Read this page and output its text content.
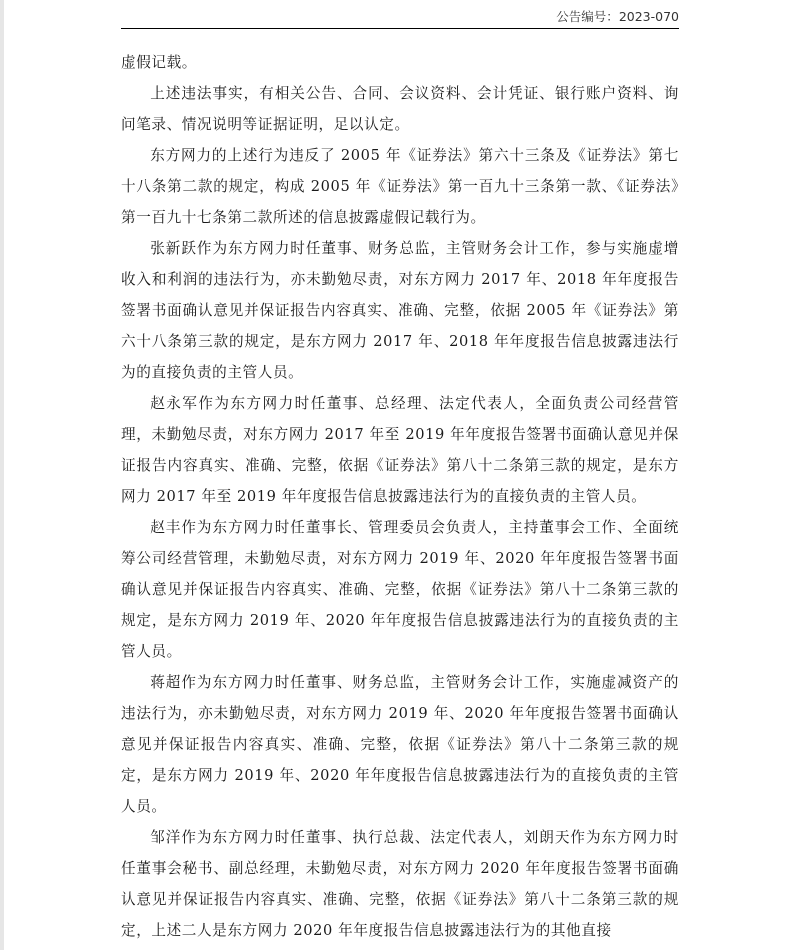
公告编号：2023-070

虚假记载。

上述违法事实，有相关公告、合同、会议资料、会计凭证、银行账户资料、询问笔录、情况说明等证据证明，足以认定。

东方网力的上述行为违反了 2005 年《证券法》第六十三条及《证券法》第七十八条第二款的规定，构成 2005 年《证券法》第一百九十三条第一款、《证券法》第一百九十七条第二款所述的信息披露虚假记载行为。

张新跃作为东方网力时任董事、财务总监，主管财务会计工作，参与实施虚增收入和利润的违法行为，亦未勤勉尽责，对东方网力 2017 年、2018 年年度报告签署书面确认意见并保证报告内容真实、准确、完整，依据 2005 年《证券法》第六十八条第三款的规定，是东方网力 2017 年、2018 年年度报告信息披露违法行为的直接负责的主管人员。

赵永军作为东方网力时任董事、总经理、法定代表人，全面负责公司经营管理，未勤勉尽责，对东方网力 2017 年至 2019 年年度报告签署书面确认意见并保证报告内容真实、准确、完整，依据《证券法》第八十二条第三款的规定，是东方网力 2017 年至 2019 年年度报告信息披露违法行为的直接负责的主管人员。

赵丰作为东方网力时任董事长、管理委员会负责人，主持董事会工作、全面统筹公司经营管理，未勤勉尽责，对东方网力 2019 年、2020 年年度报告签署书面确认意见并保证报告内容真实、准确、完整，依据《证券法》第八十二条第三款的规定，是东方网力 2019 年、2020 年年度报告信息披露违法行为的直接负责的主管人员。

蒋超作为东方网力时任董事、财务总监，主管财务会计工作，实施虚减资产的违法行为，亦未勤勉尽责，对东方网力 2019 年、2020 年年度报告签署书面确认意见并保证报告内容真实、准确、完整，依据《证券法》第八十二条第三款的规定，是东方网力 2019 年、2020 年年度报告信息披露违法行为的直接负责的主管人员。

邹洋作为东方网力时任董事、执行总裁、法定代表人，刘朗天作为东方网力时任董事会秘书、副总经理，未勤勉尽责，对东方网力 2020 年年度报告签署书面确认意见并保证报告内容真实、准确、完整，依据《证券法》第八十二条第三款的规定，上述二人是东方网力 2020 年年度报告信息披露违法行为的其他直接
